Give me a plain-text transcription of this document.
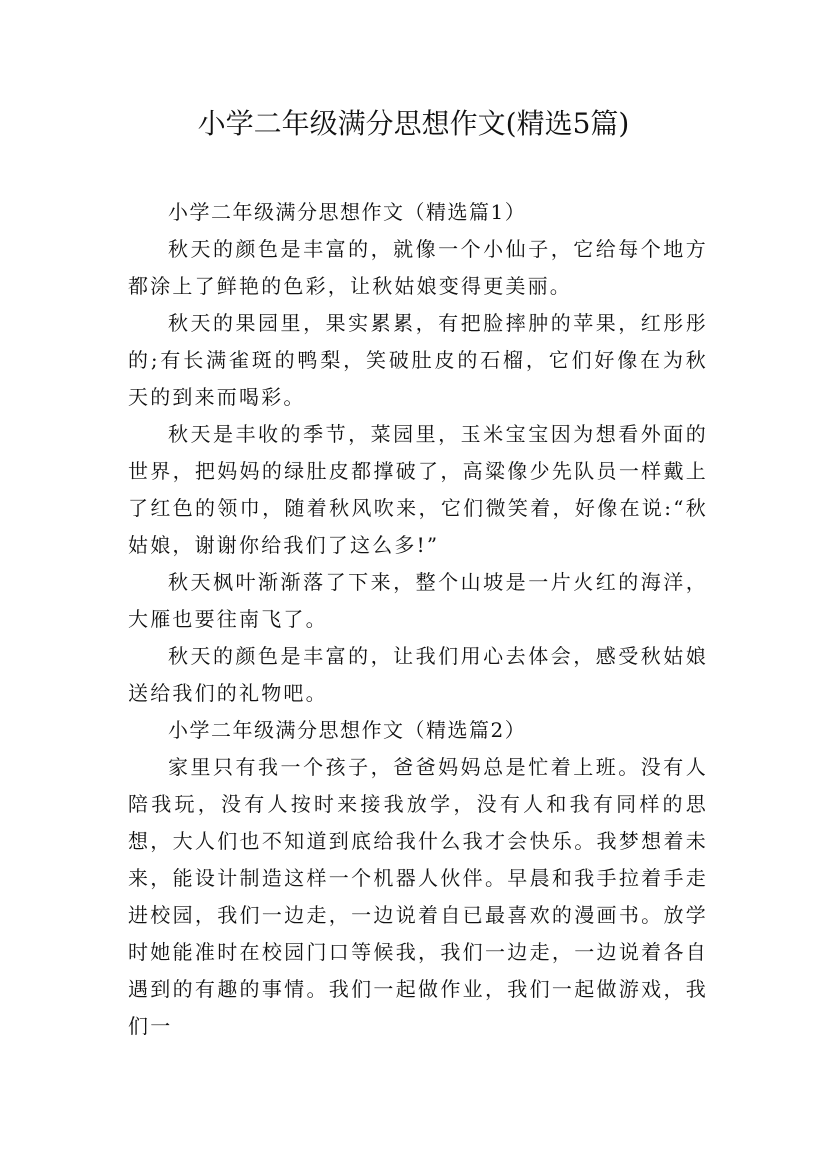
小学二年级满分思想作文(精选5篇)

小学二年级满分思想作文（精选篇1）

秋天的颜色是丰富的，就像一个小仙子，它给每个地方都涂上了鲜艳的色彩，让秋姑娘变得更美丽。

秋天的果园里，果实累累，有把脸摔肿的苹果，红彤彤的;有长满雀斑的鸭梨，笑破肚皮的石榴，它们好像在为秋天的到来而喝彩。

秋天是丰收的季节，菜园里，玉米宝宝因为想看外面的世界，把妈妈的绿肚皮都撑破了，高粱像少先队员一样戴上了红色的领巾，随着秋风吹来，它们微笑着，好像在说:“秋姑娘，谢谢你给我们了这么多!”

秋天枫叶渐渐落了下来，整个山坡是一片火红的海洋，大雁也要往南飞了。

秋天的颜色是丰富的，让我们用心去体会，感受秋姑娘送给我们的礼物吧。

小学二年级满分思想作文（精选篇2）

家里只有我一个孩子，爸爸妈妈总是忙着上班。没有人陪我玩，没有人按时来接我放学，没有人和我有同样的思想，大人们也不知道到底给我什么我才会快乐。我梦想着未来，能设计制造这样一个机器人伙伴。早晨和我手拉着手走进校园，我们一边走，一边说着自已最喜欢的漫画书。放学时她能准时在校园门口等候我，我们一边走，一边说着各自遇到的有趣的事情。我们一起做作业，我们一起做游戏，我们一
